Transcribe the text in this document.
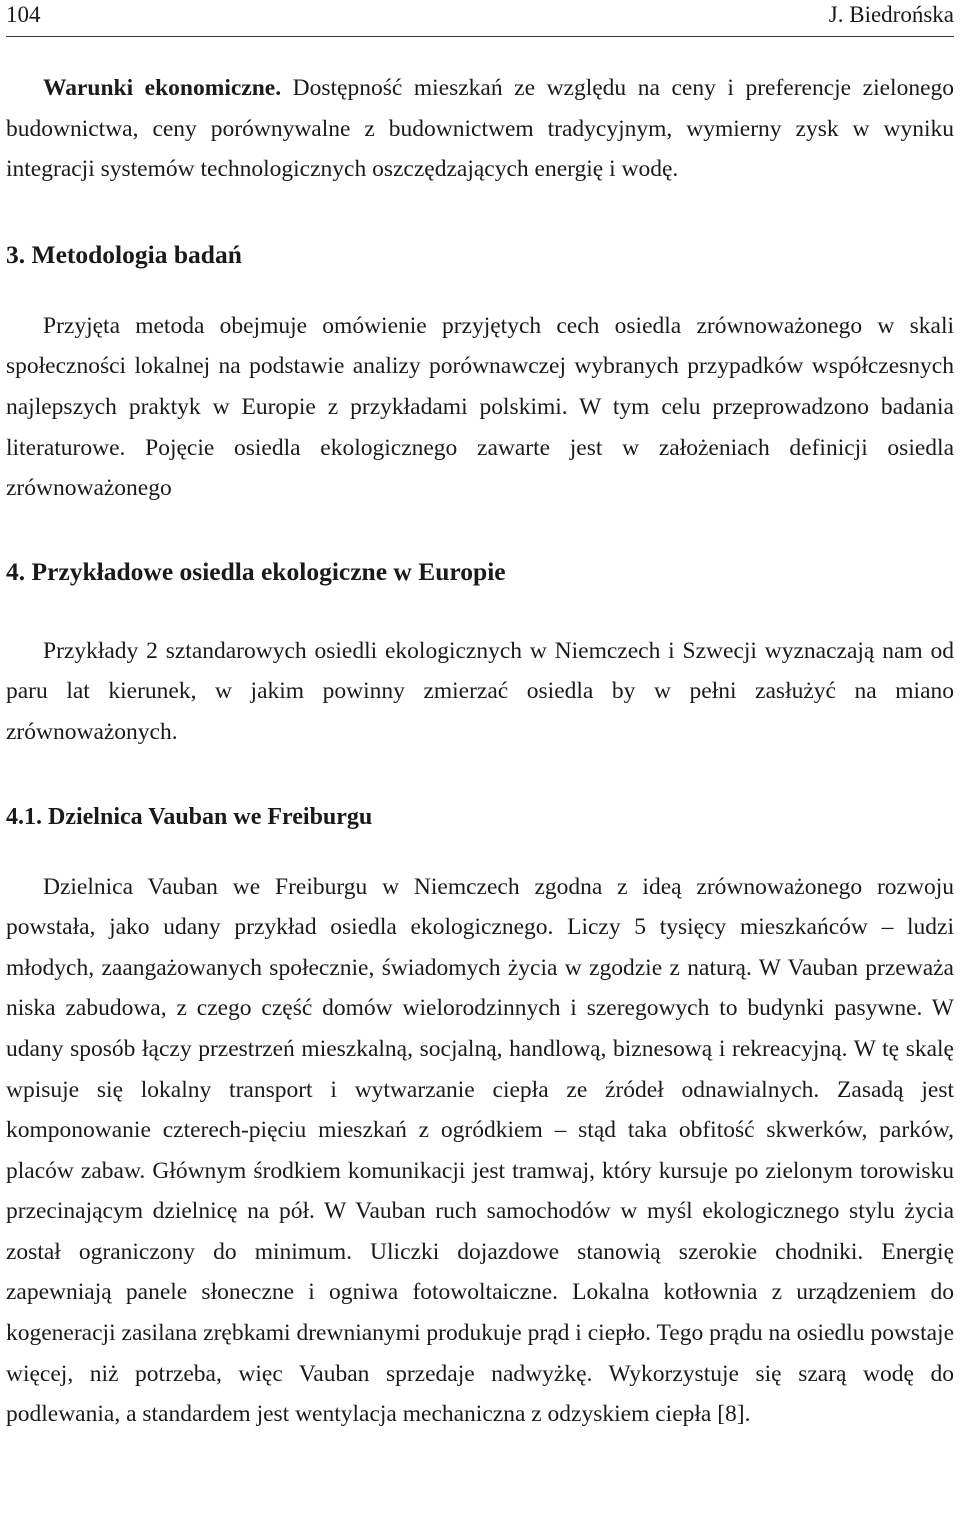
104	J. Biedrońska

Warunki ekonomiczne. Dostępność mieszkań ze względu na ceny i preferencje zielonego budownictwa, ceny porównywalne z budownictwem tradycyjnym, wymierny zysk w wyniku integracji systemów technologicznych oszczędzających energię i wodę.

3. Metodologia badań

Przyjęta metoda obejmuje omówienie przyjętych cech osiedla zrównoważonego w skali społeczności lokalnej na podstawie analizy porównawczej wybranych przypadków współczesnych najlepszych praktyk w Europie z przykładami polskimi. W tym celu przeprowadzono badania literaturowe. Pojęcie osiedla ekologicznego zawarte jest w założeniach definicji osiedla zrównoważonego

4. Przykładowe osiedla ekologiczne w Europie

Przykłady 2 sztandarowych osiedli ekologicznych w Niemczech i Szwecji wyznaczają nam od paru lat kierunek, w jakim powinny zmierzać osiedla by w pełni zasłużyć na miano zrównoważonych.

4.1. Dzielnica Vauban we Freiburgu

Dzielnica Vauban we Freiburgu w Niemczech zgodna z ideą zrównoważonego rozwoju powstała, jako udany przykład osiedla ekologicznego. Liczy 5 tysięcy mieszkańców – ludzi młodych, zaangażowanych społecznie, świadomych życia w zgodzie z naturą. W Vauban przeważa niska zabudowa, z czego część domów wielorodzinnych i szeregowych to budynki pasywne. W udany sposób łączy przestrzeń mieszkalną, socjalną, handlową, biznesową i rekreacyjną. W tę skalę wpisuje się lokalny transport i wytwarzanie ciepła ze źródeł odnawialnych. Zasadą jest komponowanie czterech-pięciu mieszkań z ogródkiem – stąd taka obfitość skwerków, parków, placów zabaw. Głównym środkiem komunikacji jest tramwaj, który kursuje po zielonym torowisku przecinającym dzielnicę na pół. W Vauban ruch samochodów w myśl ekologicznego stylu życia został ograniczony do minimum. Uliczki dojazdowe stanowią szerokie chodniki. Energię zapewniają panele słoneczne i ogniwa fotowoltaiczne. Lokalna kotłownia z urządzeniem do kogeneracji zasilana zrębkami drewnianymi produkuje prąd i ciepło. Tego prądu na osiedlu powstaje więcej, niż potrzeba, więc Vauban sprzedaje nadwyżkę. Wykorzystuje się szarą wodę do podlewania, a standardem jest wentylacja mechaniczna z odzyskiem ciepła [8].
